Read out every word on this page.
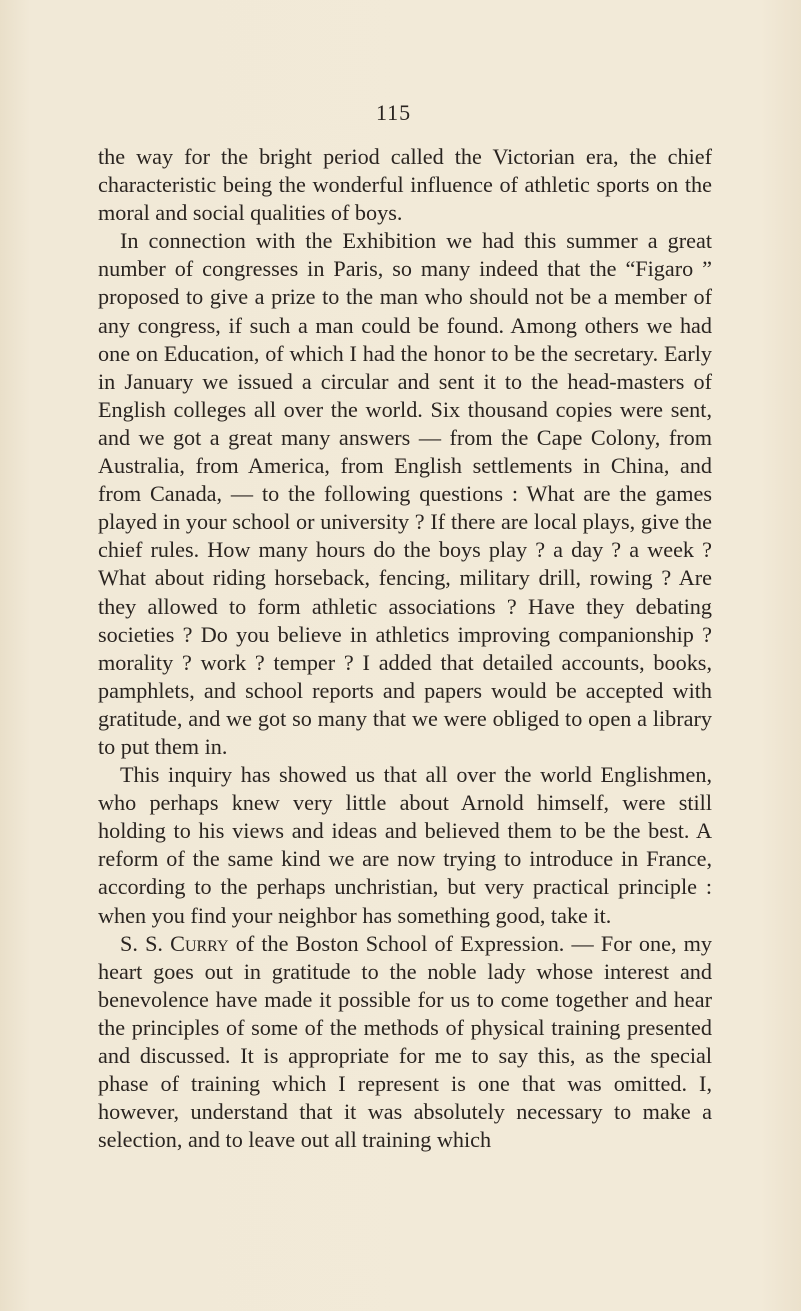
115

the way for the bright period called the Victorian era, the chief characteristic being the wonderful influence of athletic sports on the moral and social qualities of boys.

In connection with the Exhibition we had this summer a great number of congresses in Paris, so many indeed that the “Figaro ” proposed to give a prize to the man who should not be a member of any congress, if such a man could be found. Among others we had one on Education, of which I had the honor to be the secretary. Early in January we issued a circular and sent it to the head-masters of English colleges all over the world. Six thousand copies were sent, and we got a great many answers — from the Cape Colony, from Australia, from America, from English settlements in China, and from Canada, — to the following questions : What are the games played in your school or university ? If there are local plays, give the chief rules. How many hours do the boys play ? a day ? a week ? What about riding horseback, fencing, military drill, rowing ? Are they allowed to form athletic associations ? Have they debating societies ? Do you believe in athletics improving companionship ? morality ? work ? temper ? I added that detailed accounts, books, pamphlets, and school reports and papers would be accepted with gratitude, and we got so many that we were obliged to open a library to put them in.

This inquiry has showed us that all over the world Englishmen, who perhaps knew very little about Arnold himself, were still holding to his views and ideas and believed them to be the best. A reform of the same kind we are now trying to introduce in France, according to the perhaps unchristian, but very practical principle : when you find your neighbor has something good, take it.

S. S. Curry of the Boston School of Expression. — For one, my heart goes out in gratitude to the noble lady whose interest and benevolence have made it possible for us to come together and hear the principles of some of the methods of physical training presented and discussed. It is appropriate for me to say this, as the special phase of training which I represent is one that was omitted. I, however, understand that it was absolutely necessary to make a selection, and to leave out all training which
